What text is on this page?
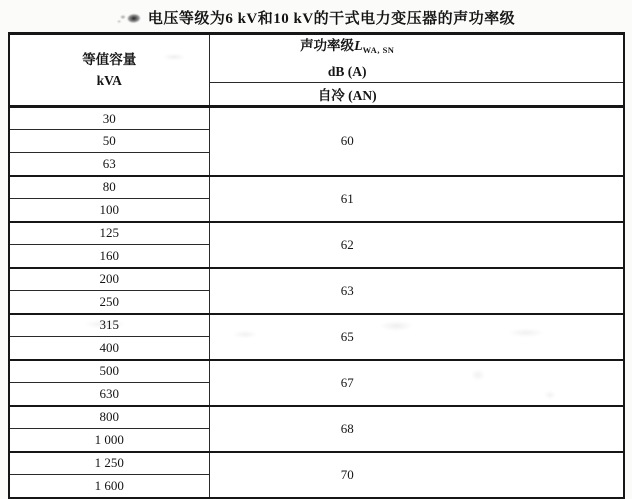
电压等级为6 kV和10 kV的干式电力变压器的声功率级
等值容量
kVA

声功率级$L_{WA, SN}$
dB (A)

	自冷 (AN)
30	60
50	
63	
80	61
100	
125	62
160	
200	63
250	
315	65
400	
500	67
630	
800	68
1 000	
1 250	70
1 600	
